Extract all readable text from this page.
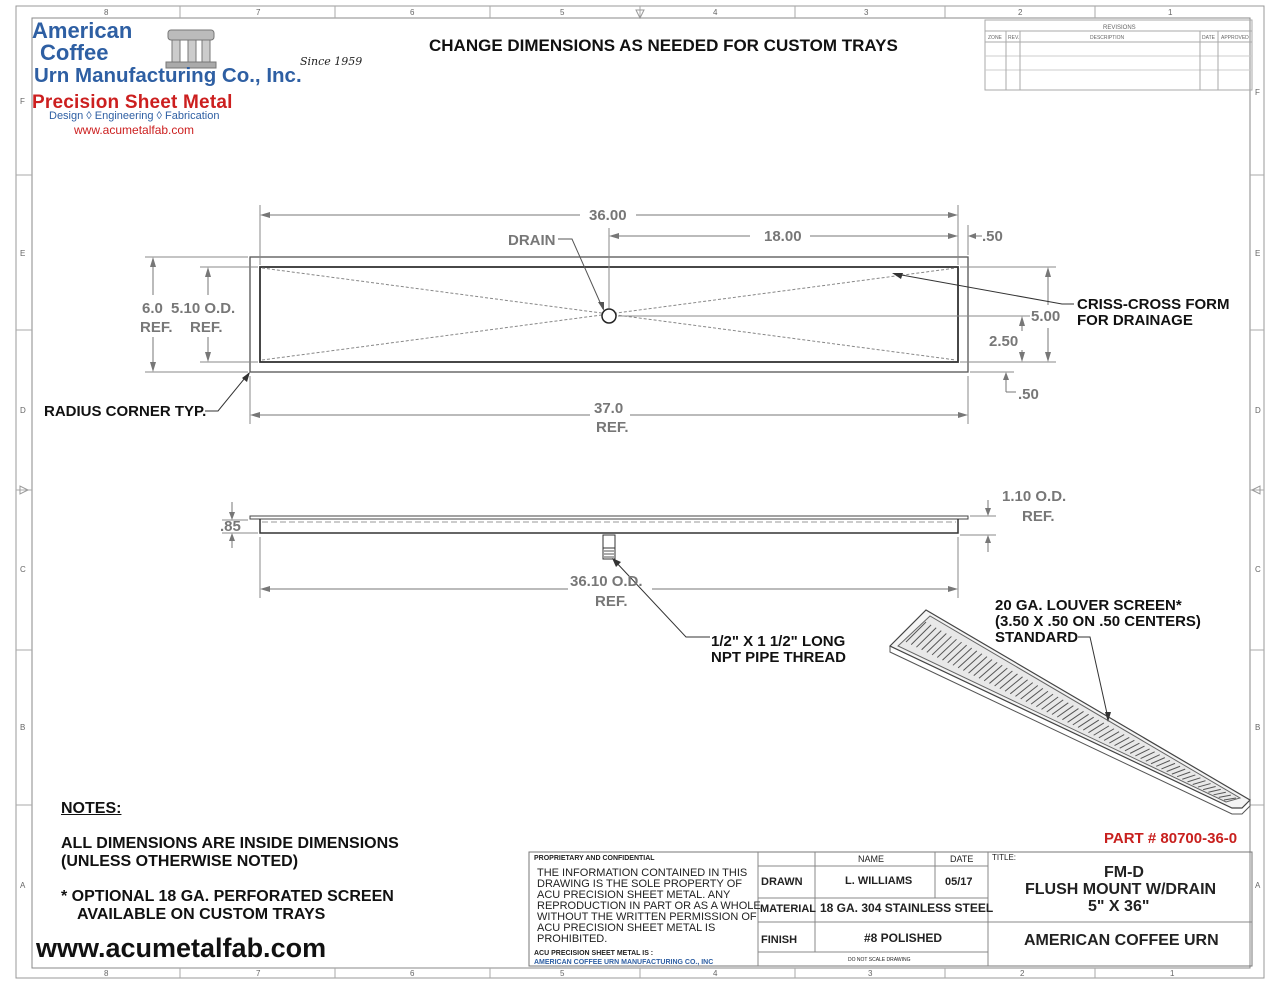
8	7	6	5	4	3	2	1
8	7	6	5	4	3	2	1
F
E
D
C
B
A
F
E
D
C
B
A
REVISIONS
ZONE REV.	DESCRIPTION	DATE APPROVED
36.00
18.00
DRAIN	.50
6.0
REF.
5.10 O.D.
REF.
5.00
2.50
.50
37.0
REF.
RADIUS CORNER TYP.
CRISS-CROSS FORM
FOR DRAINAGE
.85
1.10 O.D.
REF.
36.10 O.D.
REF.
1/2" X 1 1/2" LONG
NPT PIPE THREAD
20 GA. LOUVER SCREEN*
(3.50 X .50 ON .50 CENTERS)
STANDARD
PROPRIETARY AND CONFIDENTIAL
THE INFORMATION CONTAINED IN THIS
DRAWING IS THE SOLE PROPERTY OF
ACU PRECISION SHEET METAL. ANY
REPRODUCTION IN PART OR AS A WHOLE
WITHOUT THE WRITTEN PERMISSION OF
ACU PRECISION SHEET METAL IS
PROHIBITED.
ACU PRECISION SHEET METAL IS :
AMERICAN COFFEE URN MANUFACTURING CO., INC
NAME	DATE
DRAWN	L. WILLIAMS	05/17
MATERIAL 18 GA. 304 STAINLESS STEEL
FINISH	#8 POLISHED
DO NOT SCALE DRAWING
TITLE:
FM-D
FLUSH MOUNT W/DRAIN
5" X 36"
AMERICAN COFFEE URN
CHANGE DIMENSIONS AS NEEDED FOR CUSTOM TRAYS
American
Coffee
Urn Manufacturing Co., Inc.
Since 1959
Precision Sheet Metal
Design ◊ Engineering ◊ Fabrication
www.acumetalfab.com
NOTES:
ALL DIMENSIONS ARE INSIDE DIMENSIONS
(UNLESS OTHERWISE NOTED)
* OPTIONAL 18 GA. PERFORATED SCREEN
AVAILABLE ON CUSTOM TRAYS
www.acumetalfab.com
PART # 80700-36-0
